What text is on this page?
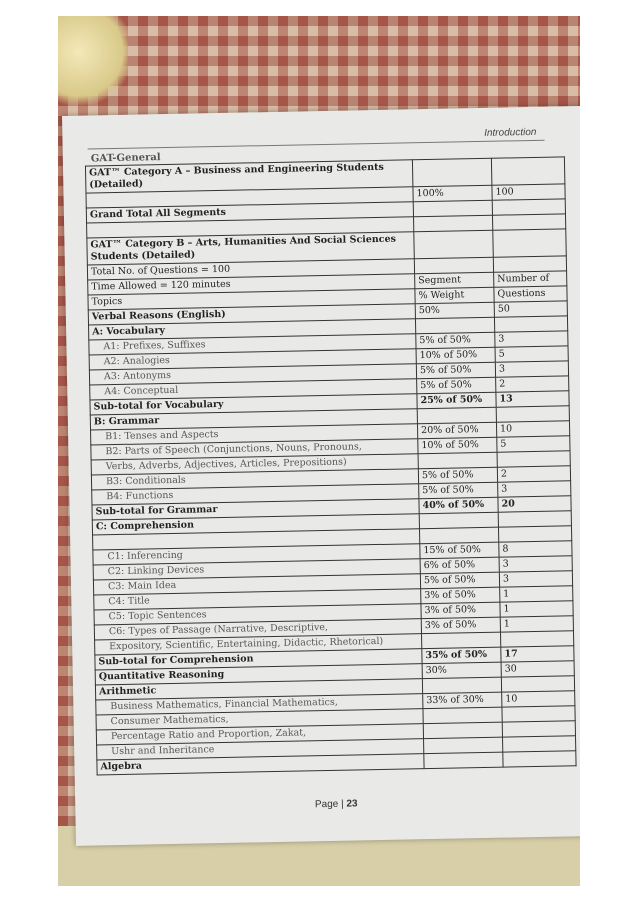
Introduction
GAT-General
GAT™ Category A – Business and Engineering Students (Detailed)		
	100%	100
Grand Total All Segments		

GAT™ Category B – Arts, Humanities And Social Sciences Students (Detailed)		
Total No. of Questions = 100		
Time Allowed = 120 minutes	Segment	Number of
Topics	% Weight	Questions
Verbal Reasons (English)	50%	50
A: Vocabulary		
A1: Prefixes, Suffixes	5% of 50%	3
A2: Analogies	10% of 50%	5
A3: Antonyms	5% of 50%	3
A4: Conceptual	5% of 50%	2
Sub-total for Vocabulary	25% of 50%	13
B: Grammar		
B1: Tenses and Aspects	20% of 50%	10
B2: Parts of Speech (Conjunctions, Nouns, Pronouns,	10% of 50%	5
Verbs, Adverbs, Adjectives, Articles, Prepositions)		
B3: Conditionals	5% of 50%	2
B4: Functions	5% of 50%	3
Sub-total for Grammar	40% of 50%	20
C: Comprehension		

C1: Inferencing	15% of 50%	8
C2: Linking Devices	6% of 50%	3
C3: Main Idea	5% of 50%	3
C4: Title	3% of 50%	1
C5: Topic Sentences	3% of 50%	1
C6: Types of Passage (Narrative, Descriptive,	3% of 50%	1
Expository, Scientific, Entertaining, Didactic, Rhetorical)		
Sub-total for Comprehension	35% of 50%	17
Quantitative Reasoning	30%	30
Arithmetic		
Business Mathematics, Financial Mathematics,	33% of 30%	10
Consumer Mathematics,		
Percentage Ratio and Proportion, Zakat,		
Ushr and Inheritance		
Algebra		
Page | 23
